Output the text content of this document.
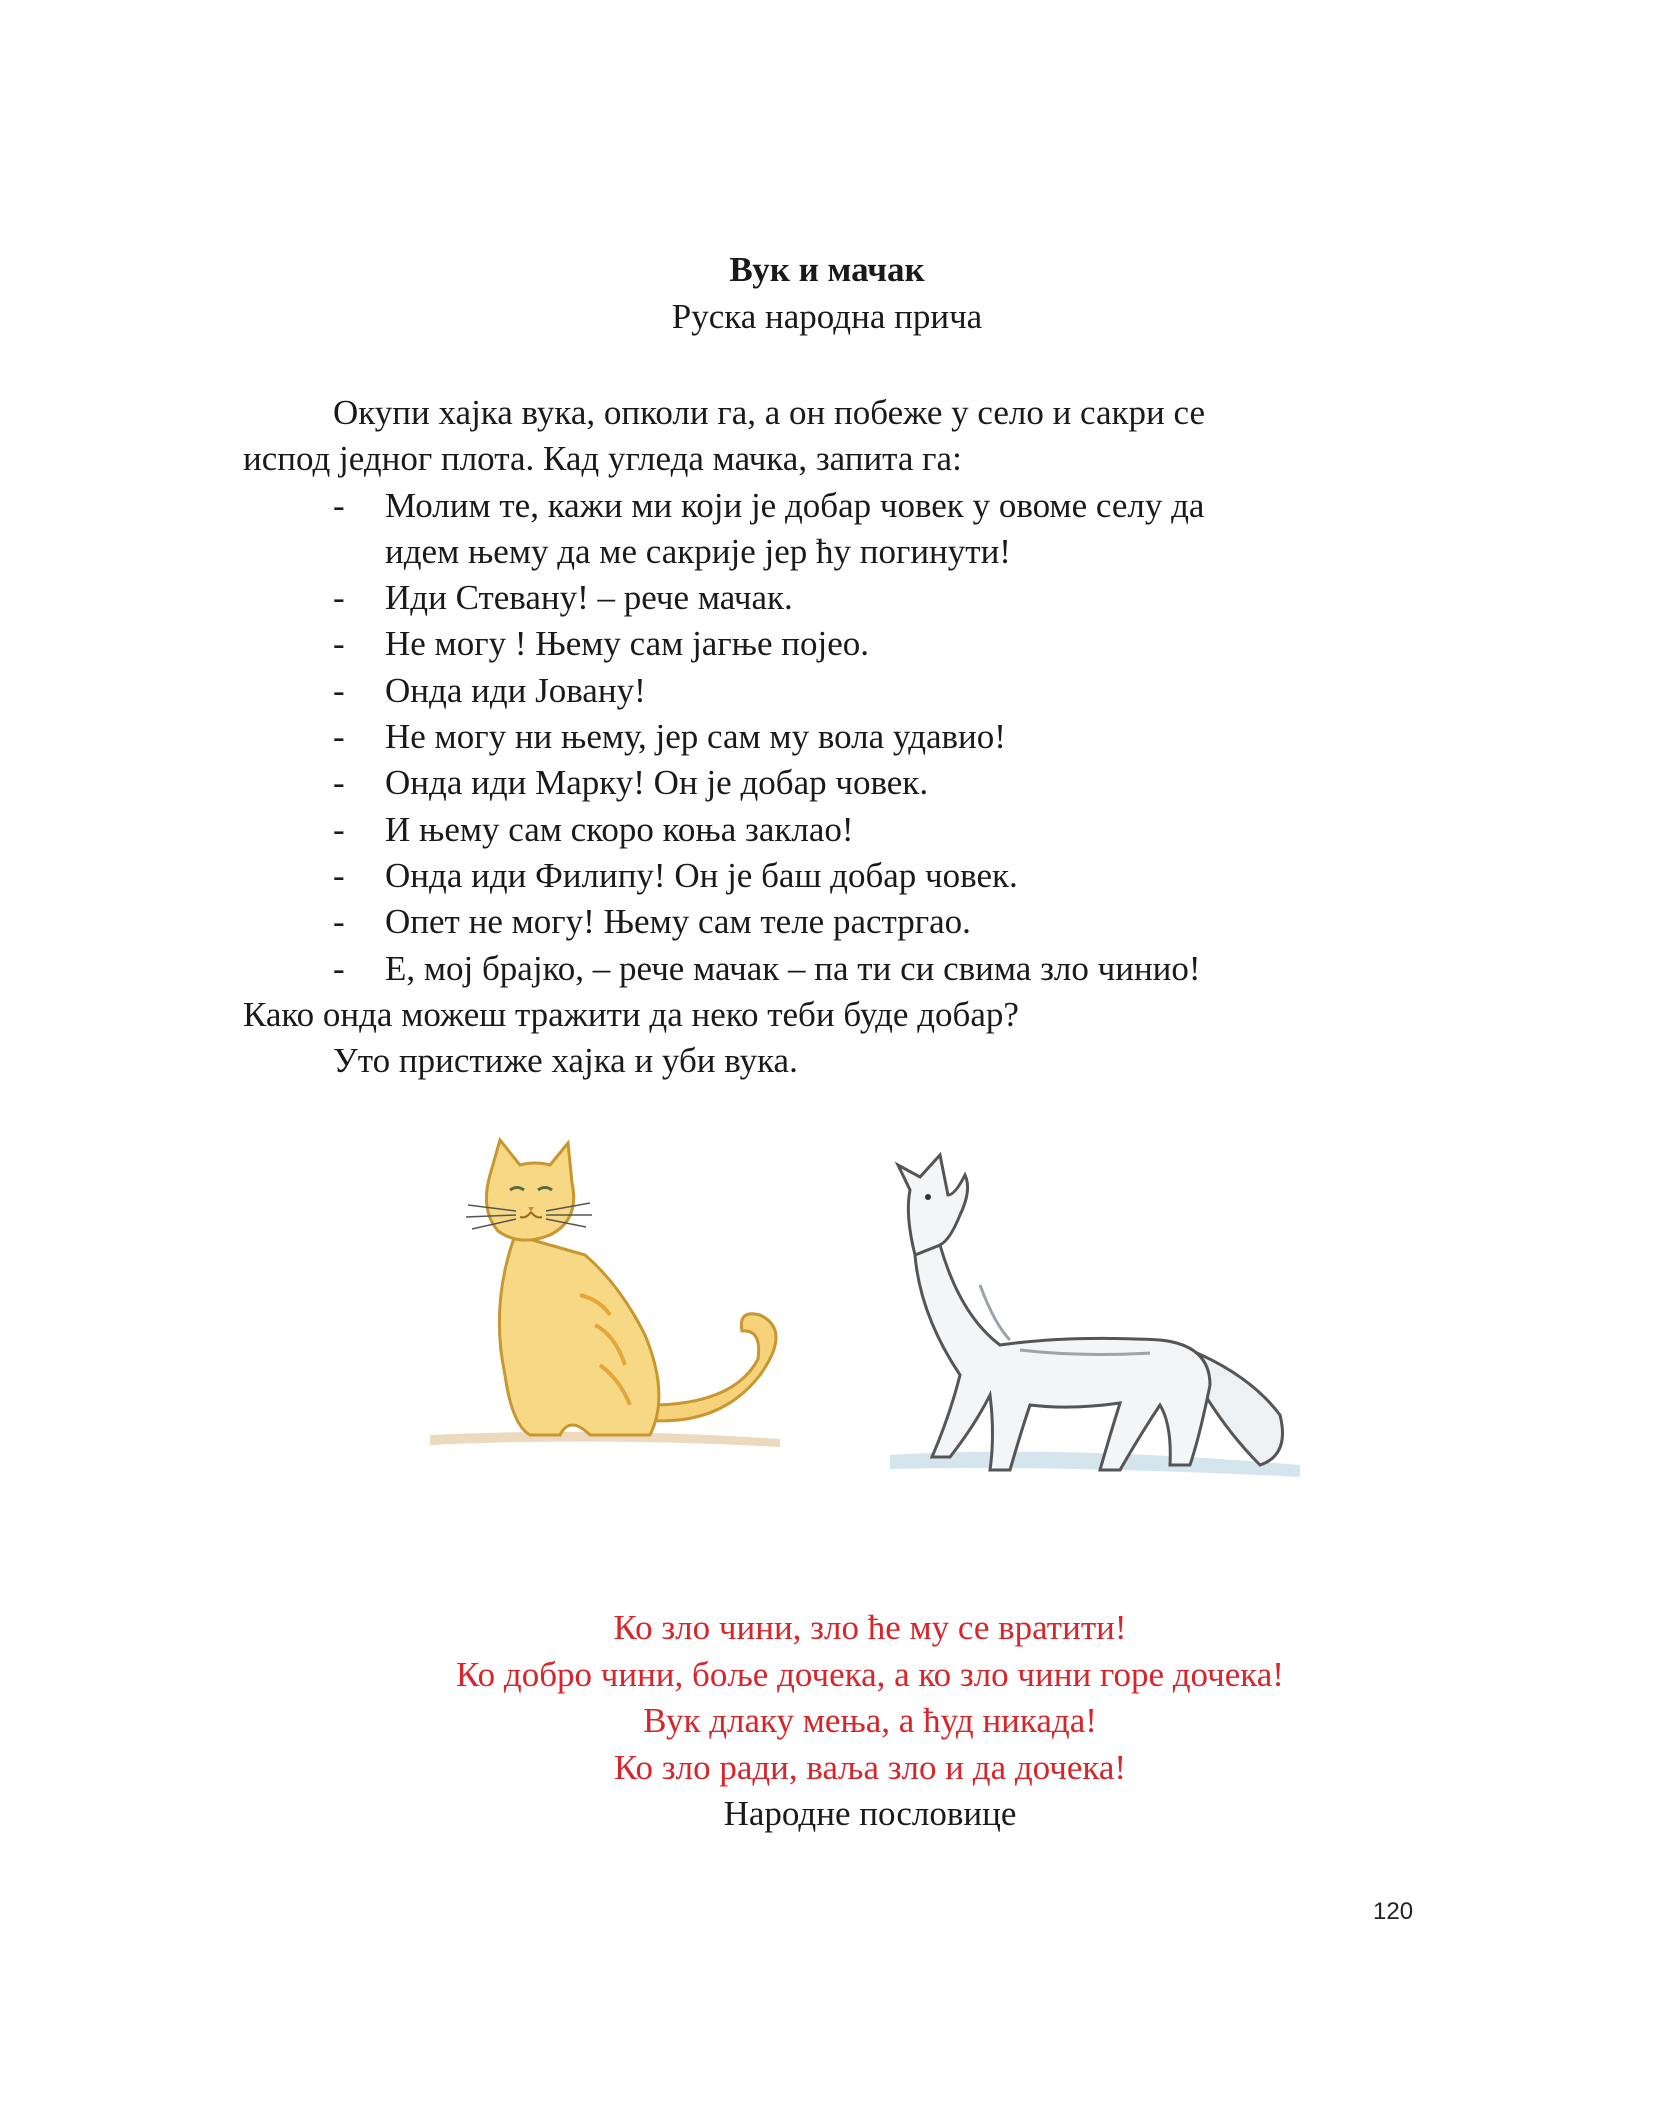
Вук и мачак
Руска народна прича
Окупи хајка вука, опколи га, а он побеже у село и сакри се
испод једног плота. Кад угледа мачка, запита га:
- Молим те, кажи ми који је добар човек у овоме селу да
идем њему да ме сакрије јер ћу погинути!
- Иди Стевану! – рече мачак.
- Не могу ! Њему сам јагње појео.
- Онда иди Јовану!
- Не могу ни њему, јер сам му вола удавио!
- Онда иди Марку! Он је добар човек.
- И њему сам скоро коња заклао!
- Онда иди Филипу! Он је баш добар човек.
- Опет не могу! Њему сам теле растргао.
- Е, мој брајко, – рече мачак – па ти си свима зло чинио!
Како онда можеш тражити да неко теби буде добар?
Уто пристиже хајка и уби вука.
Ко зло чини, зло ће му се вратити!
Ко добро чини, боље дочека, а ко зло чини горе дочека!
Вук длаку мења, а ћуд никада!
Ко зло ради, ваља зло и да дочека!
Народне пословице
120
